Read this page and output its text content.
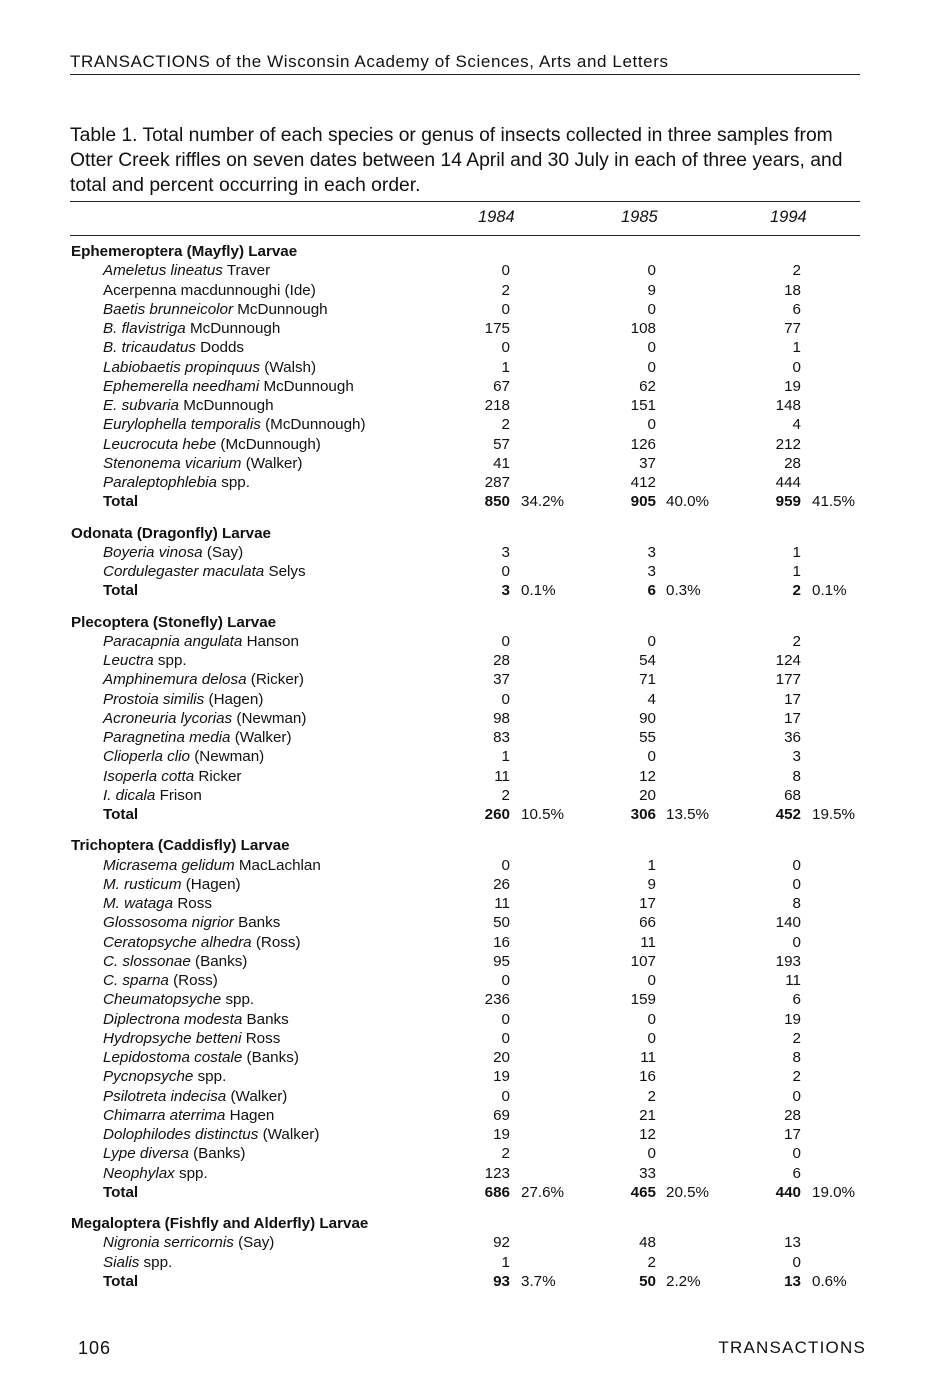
TRANSACTIONS of the Wisconsin Academy of Sciences, Arts and Letters
Table 1. Total number of each species or genus of insects collected in three samples from Otter Creek riffles on seven dates between 14 April and 30 July in each of three years, and total and percent occurring in each order.
1984	1985	1994
Ephemeroptera (Mayfly) Larvae
Ameletus lineatus Traver	0	0	2
Acerpenna macdunnoughi (Ide)	2	9	18
Baetis brunneicolor McDunnough	0	0	6
B. flavistriga McDunnough	175	108	77
B. tricaudatus Dodds	0	0	1
Labiobaetis propinquus (Walsh)	1	0	0
Ephemerella needhami McDunnough	67	62	19
E. subvaria McDunnough	218	151	148
Eurylophella temporalis (McDunnough)	2	0	4
Leucrocuta hebe (McDunnough)	57	126	212
Stenonema vicarium (Walker)	41	37	28
Paraleptophlebia spp.	287	412	444
Total	850 34.2%	905 40.0%	959 41.5%
Odonata (Dragonfly) Larvae
Boyeria vinosa (Say)	3	3	1
Cordulegaster maculata Selys	0	3	1
Total	3 0.1%	6 0.3%	2 0.1%
Plecoptera (Stonefly) Larvae
Paracapnia angulata Hanson	0	0	2
Leuctra spp.	28	54	124
Amphinemura delosa (Ricker)	37	71	177
Prostoia similis (Hagen)	0	4	17
Acroneuria lycorias (Newman)	98	90	17
Paragnetina media (Walker)	83	55	36
Clioperla clio (Newman)	1	0	3
Isoperla cotta Ricker	11	12	8
I. dicala Frison	2	20	68
Total	260 10.5%	306 13.5%	452 19.5%
Trichoptera (Caddisfly) Larvae
Micrasema gelidum MacLachlan	0	1	0
M. rusticum (Hagen)	26	9	0
M. wataga Ross	11	17	8
Glossosoma nigrior Banks	50	66	140
Ceratopsyche alhedra (Ross)	16	11	0
C. slossonae (Banks)	95	107	193
C. sparna (Ross)	0	0	11
Cheumatopsyche spp.	236	159	6
Diplectrona modesta Banks	0	0	19
Hydropsyche betteni Ross	0	0	2
Lepidostoma costale (Banks)	20	11	8
Pycnopsyche spp.	19	16	2
Psilotreta indecisa (Walker)	0	2	0
Chimarra aterrima Hagen	69	21	28
Dolophilodes distinctus (Walker)	19	12	17
Lype diversa (Banks)	2	0	0
Neophylax spp.	123	33	6
Total	686 27.6%	465 20.5%	440 19.0%
Megaloptera (Fishfly and Alderfly) Larvae
Nigronia serricornis (Say)	92	48	13
Sialis spp.	1	2	0
Total	93 3.7%	50 2.2%	13 0.6%
106	TRANSACTIONS
